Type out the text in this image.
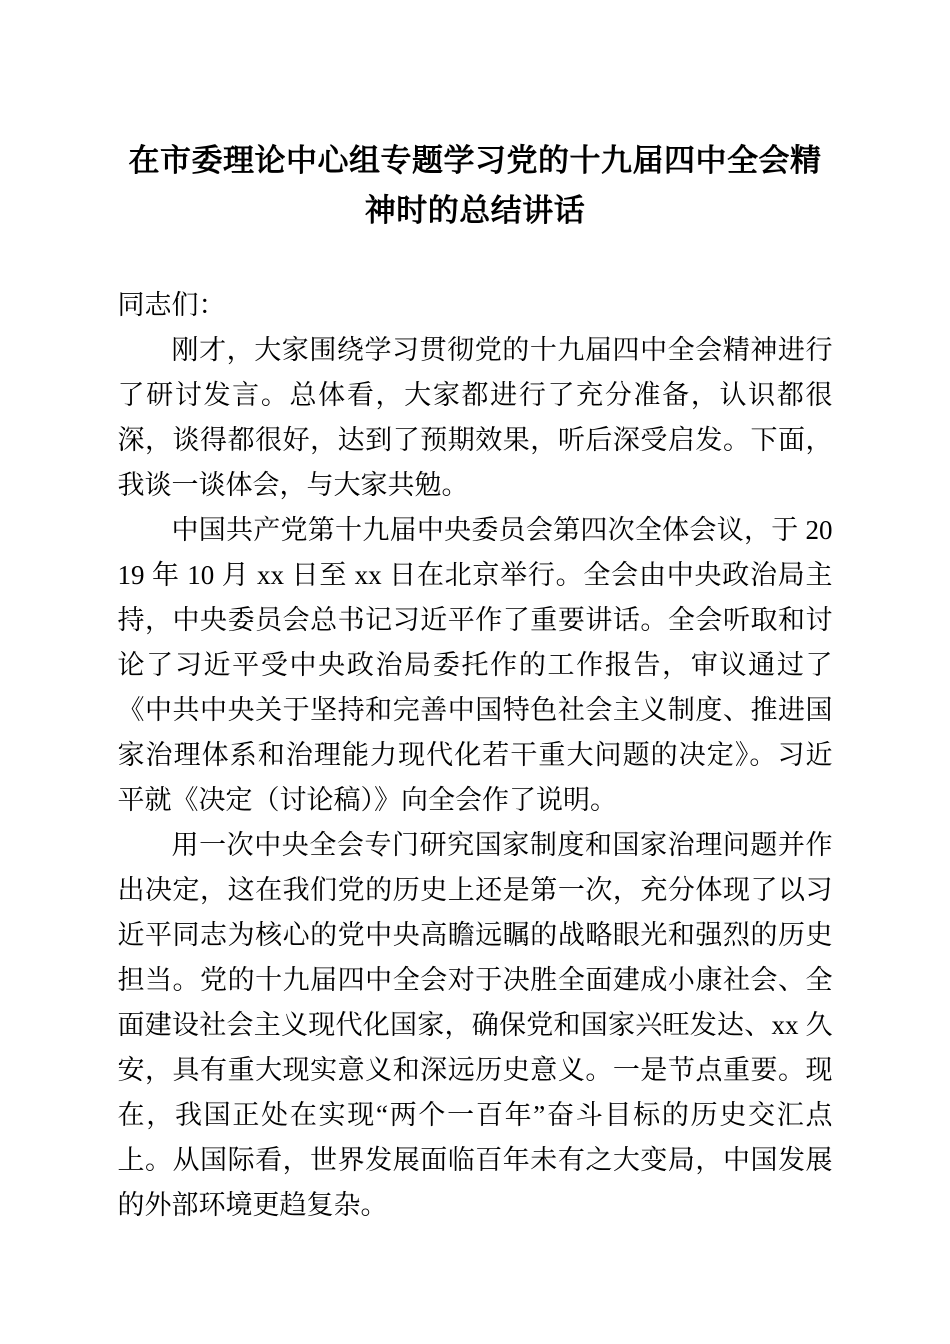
在市委理论中心组专题学习党的十九届四中全会精神时的总结讲话

同志们：

刚才，大家围绕学习贯彻党的十九届四中全会精神进行了研讨发言。总体看，大家都进行了充分准备，认识都很深，谈得都很好，达到了预期效果，听后深受启发。下面，我谈一谈体会，与大家共勉。

中国共产党第十九届中央委员会第四次全体会议，于 2019 年 10 月 xx 日至 xx 日在北京举行。全会由中央政治局主持，中央委员会总书记习近平作了重要讲话。全会听取和讨论了习近平受中央政治局委托作的工作报告，审议通过了《中共中央关于坚持和完善中国特色社会主义制度、推进国家治理体系和治理能力现代化若干重大问题的决定》。习近平就《决定（讨论稿）》向全会作了说明。

用一次中央全会专门研究国家制度和国家治理问题并作出决定，这在我们党的历史上还是第一次，充分体现了以习近平同志为核心的党中央高瞻远瞩的战略眼光和强烈的历史担当。党的十九届四中全会对于决胜全面建成小康社会、全面建设社会主义现代化国家，确保党和国家兴旺发达、xx 久安，具有重大现实意义和深远历史意义。一是节点重要。现在，我国正处在实现“两个一百年”奋斗目标的历史交汇点上。从国际看，世界发展面临百年未有之大变局，中国发展的外部环境更趋复杂。
